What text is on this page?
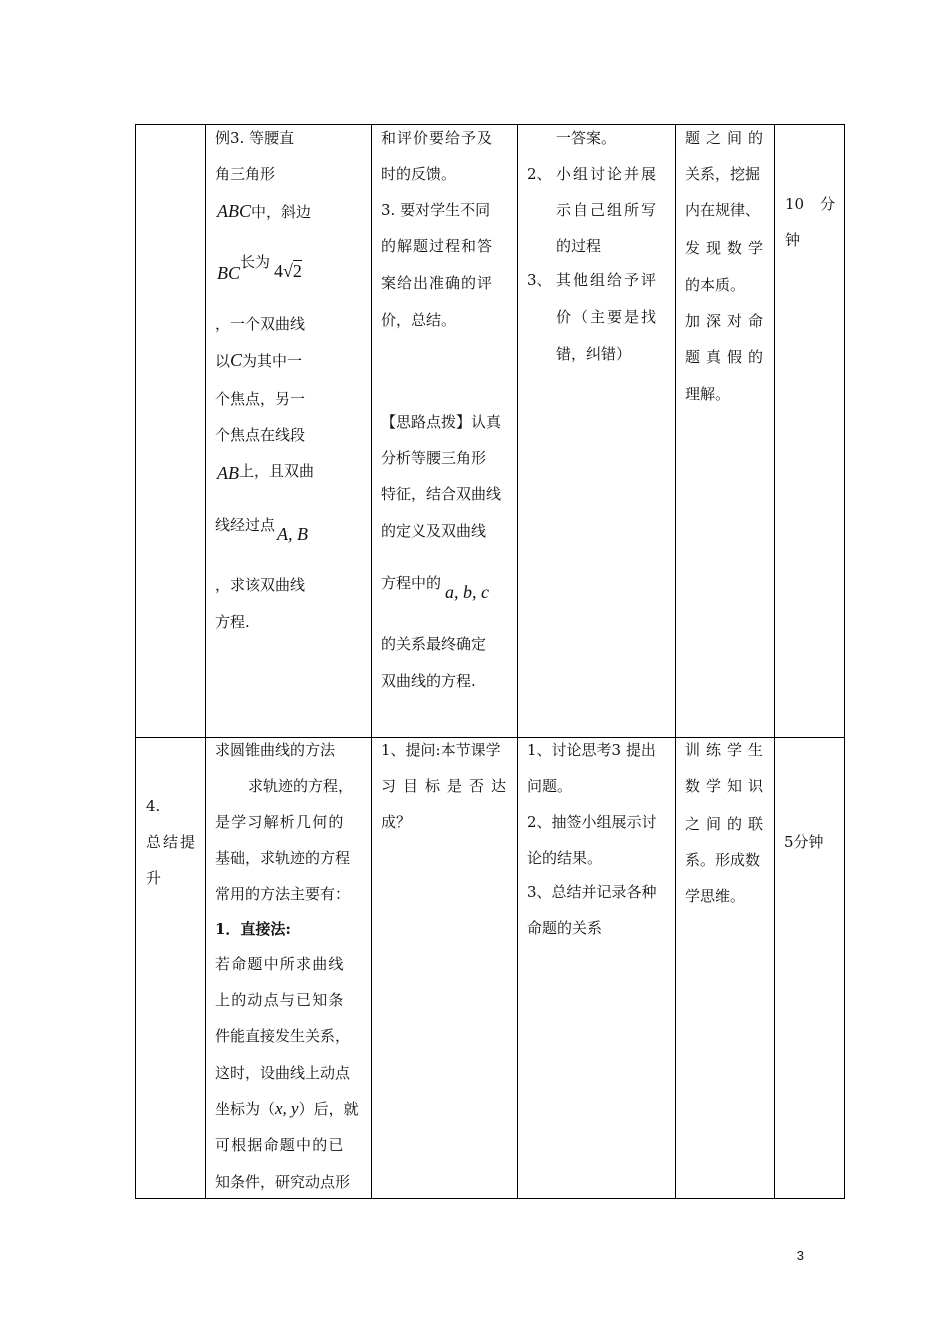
例3. 等腰直
角三角形
ABC中，斜边
BC长为 4√2
，一个双曲线
以C为其中一
个焦点，另一
个焦点在线段
AB上，且双曲
线经过点 A, B
，求该双曲线
方程.
和评价要给予及
时的反馈。
3. 要对学生不同
的解题过程和答
案给出准确的评
价，总结。
【思路点拨】认真
分析等腰三角形
特征，结合双曲线
的定义及双曲线
方程中的 a, b, c
的关系最终确定
双曲线的方程.
一答案。
2、 小组讨论并展
示自己组所写
的过程
3、 其他组给予评
价（主要是找
错，纠错）
题之间的
关系，挖掘
内在规律、
发现数学
的本质。
加深对命
题真假的
理解。
10 分
钟
4.
总结提
升
求圆锥曲线的方法
求轨迹的方程，
是学习解析几何的
基础，求轨迹的方程
常用的方法主要有：
1．直接法:
若命题中所求曲线
上的动点与已知条
件能直接发生关系，
这时，设曲线上动点
坐标为（x, y）后，就
可根据命题中的已
知条件，研究动点形
1、提问:本节课学
习目标是否达
成？
1、讨论思考3 提出
问题。
2、抽签小组展示讨
论的结果。
3、总结并记录各种
命题的关系
训练学生
数学知识
之间的联
系。形成数
学思维。
5分钟
3
